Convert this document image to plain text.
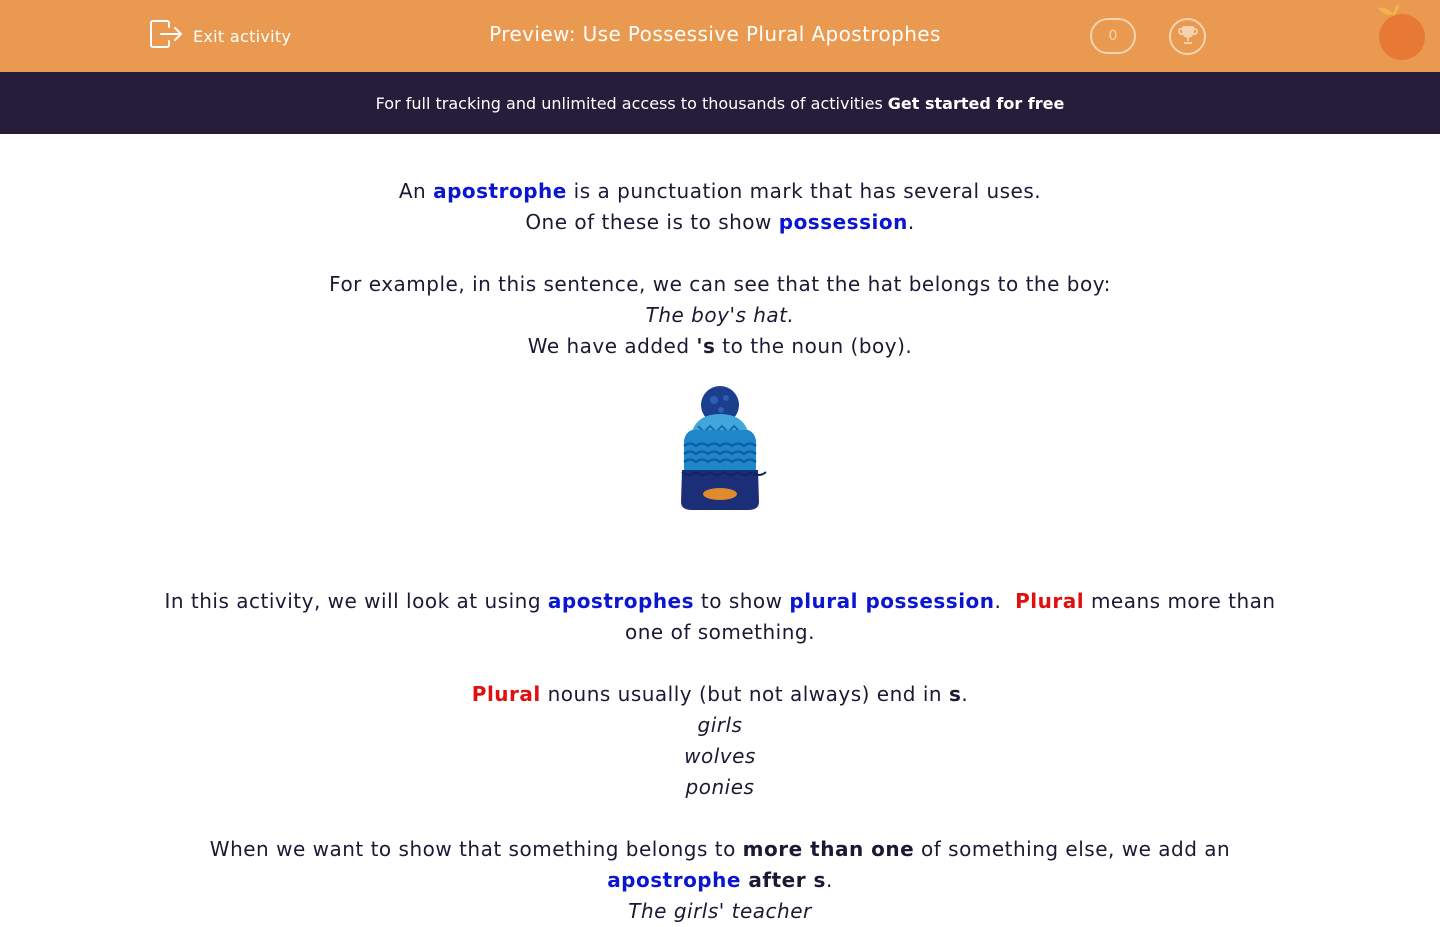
Exit activity	Preview: Use Possessive Plural Apostrophes	0
For full tracking and unlimited access to thousands of activities Get started for free

An apostrophe is a punctuation mark that has several uses.

One of these is to show possession.

For example, in this sentence, we can see that the hat belongs to the boy:

The boy's hat.

We have added 's to the noun (boy).

In this activity, we will look at using apostrophes to show plural possession.  Plural means more than one of something.

Plural nouns usually (but not always) end in s.

girls

wolves

ponies

When we want to show that something belongs to more than one of something else, we add an apostrophe after s.

The girls' teacher
